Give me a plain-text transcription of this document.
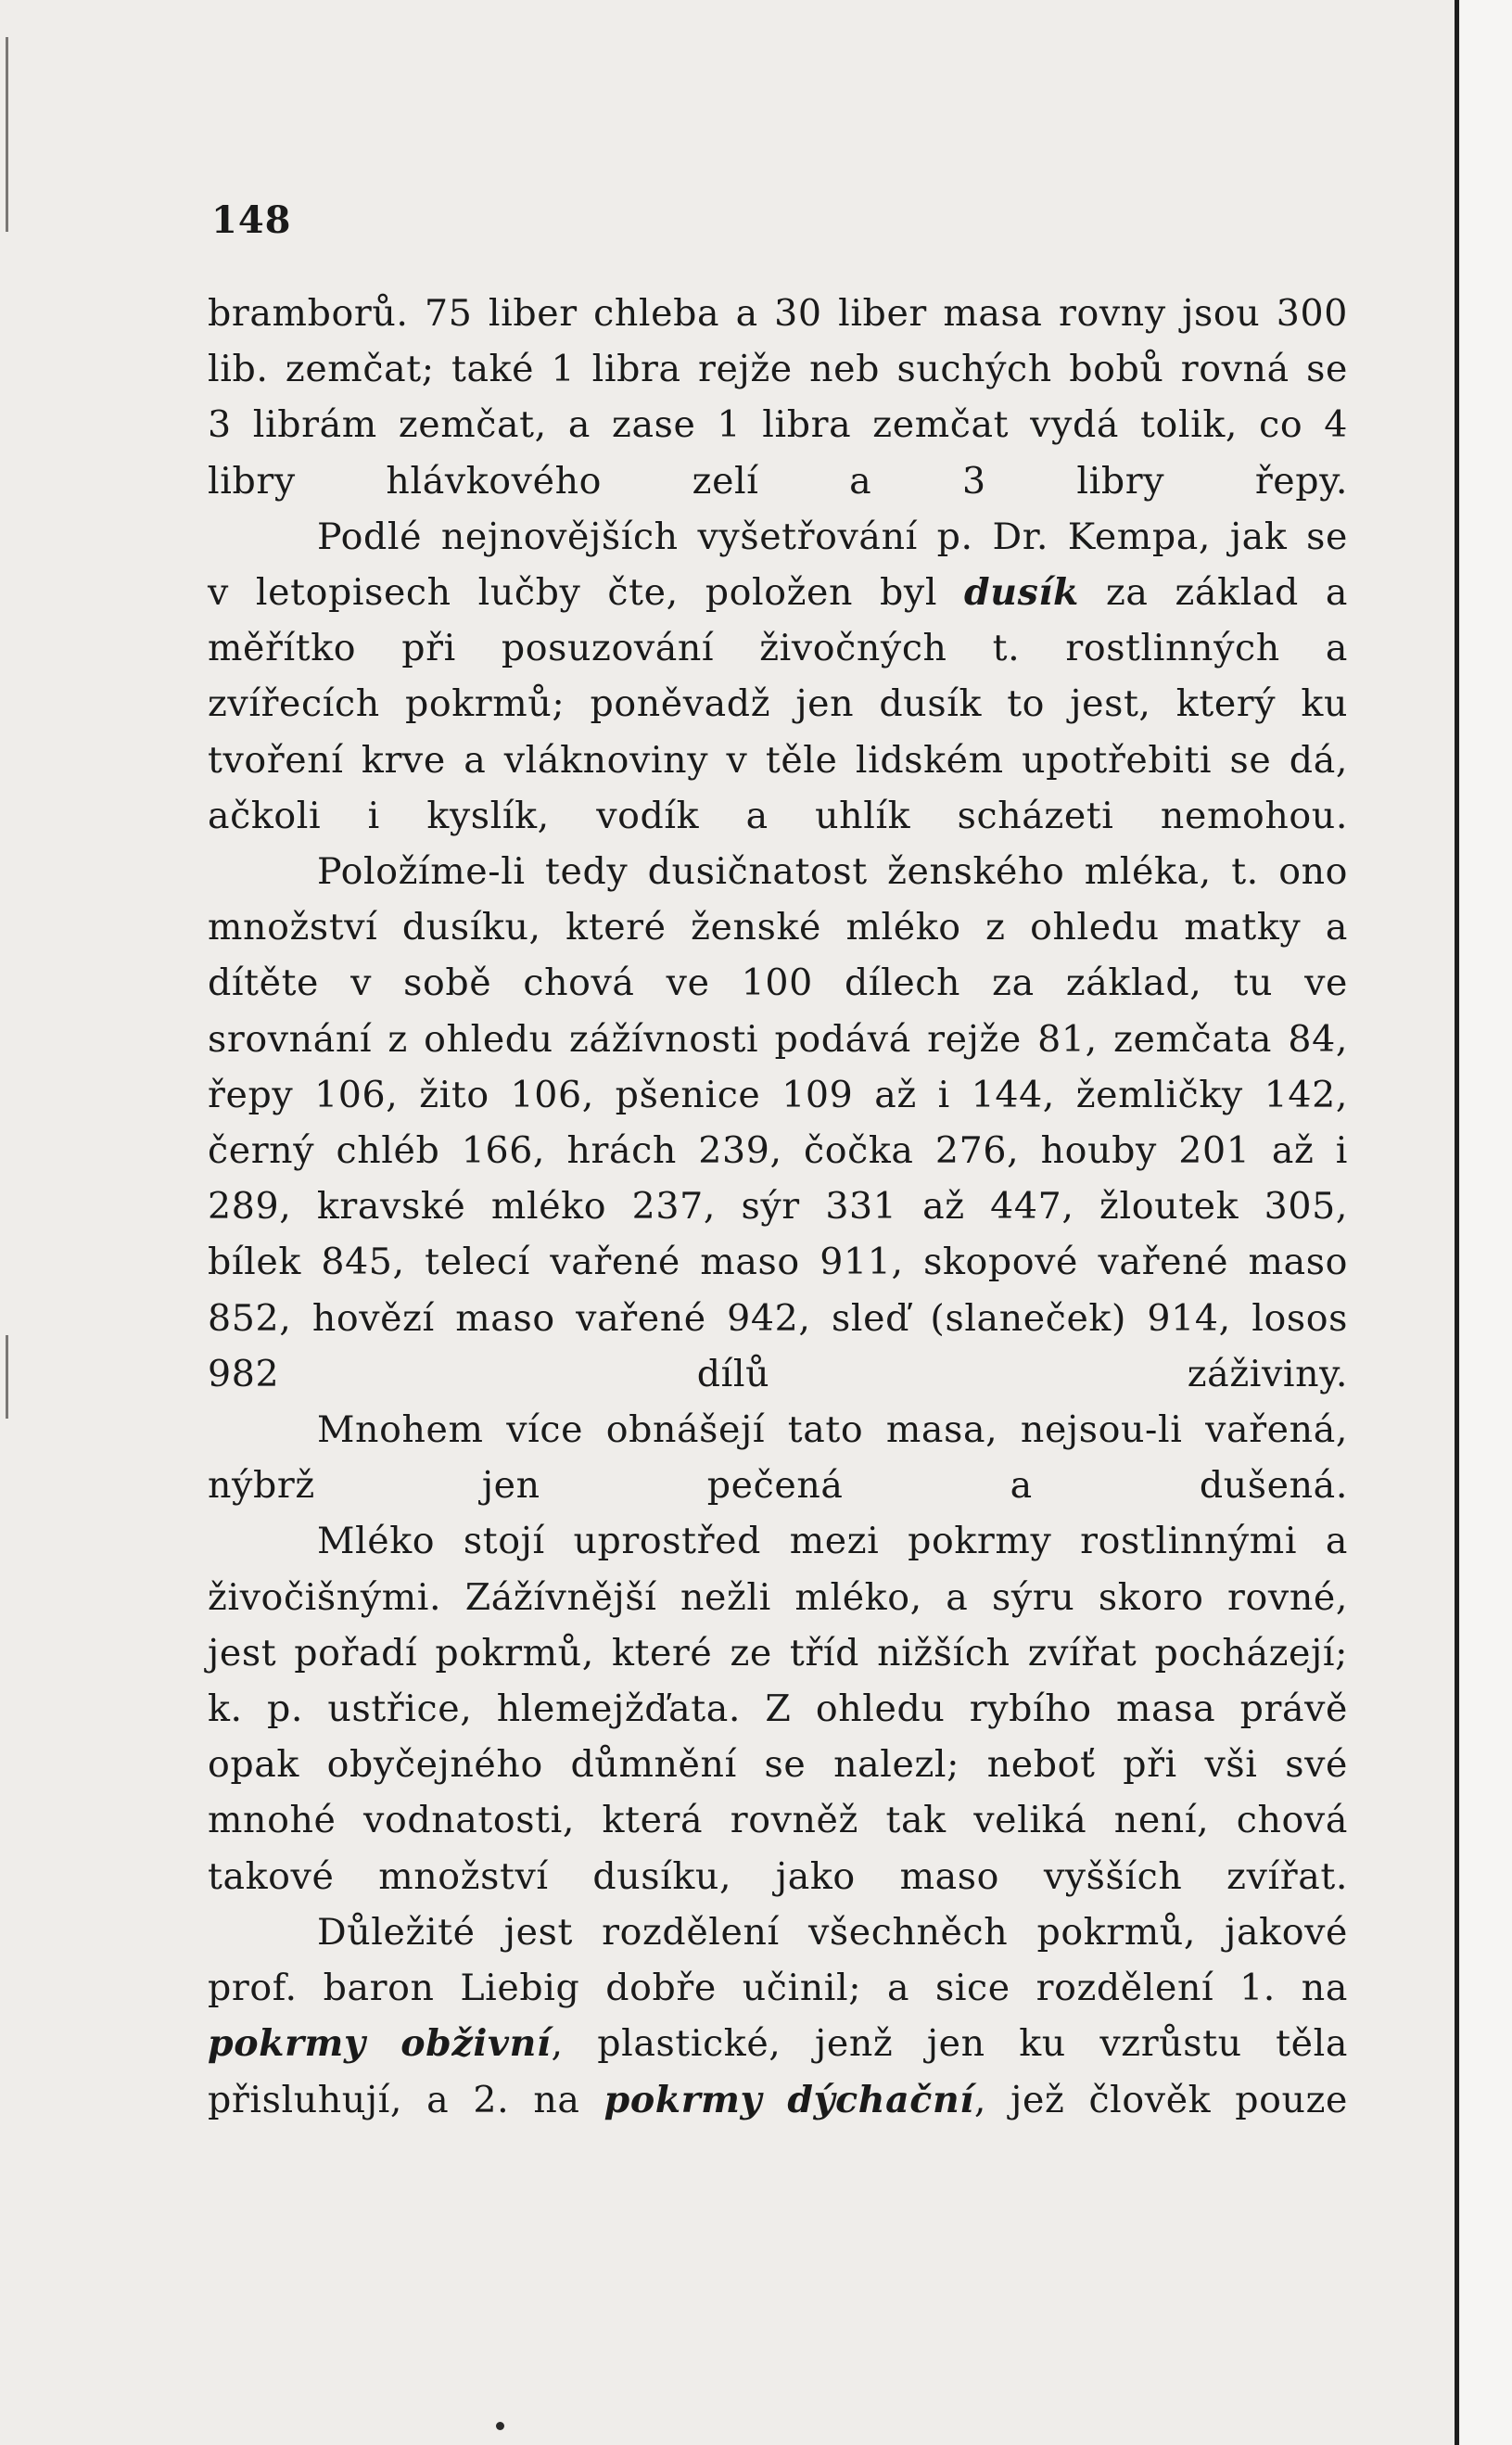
148

bramborů. 75 liber chleba a 30 liber masa rovny jsou 300 lib. zemčat; také 1 libra rejže neb suchých bobů rovná se 3 librám zemčat, a zase 1 libra zemčat vydá tolik, co 4 libry hlávkového zelí a 3 libry řepy.

Podlé nejnovějších vyšetřování p. Dr. Kempa, jak se v letopisech lučby čte, položen byl dusík za základ a měřítko při posuzování živočných t. rostlinných a zvířecích pokrmů; poněvadž jen dusík to jest, který ku tvoření krve a vláknoviny v těle lidském upotřebiti se dá, ačkoli i kyslík, vodík a uhlík scházeti nemohou.

Položíme-li tedy dusičnatost ženského mléka, t. ono množství dusíku, které ženské mléko z ohledu matky a dítěte v sobě chová ve 100 dílech za základ, tu ve srovnání z ohledu zážívnosti podává rejže 81, zemčata 84, řepy 106, žito 106, pšenice 109 až i 144, žemličky 142, černý chléb 166, hrách 239, čočka 276, houby 201 až i 289, kravské mléko 237, sýr 331 až 447, žloutek 305, bílek 845, telecí vařené maso 911, skopové vařené maso 852, hovězí maso vařené 942, sleď (slaneček) 914, losos 982 dílů záživiny.

Mnohem více obnášejí tato masa, nejsou-li vařená, nýbrž jen pečená a dušená.

Mléko stojí uprostřed mezi pokrmy rostlinnými a živočišnými. Zážívnější nežli mléko, a sýru skoro rovné, jest pořadí pokrmů, které ze tříd nižších zvířat pocházejí; k. p. ustřice, hlemejžďata. Z ohledu rybího masa právě opak obyčejného důmnění se nalezl; neboť při vši své mnohé vodnatosti, která rovněž tak veliká není, chová takové množství dusíku, jako maso vyšších zvířat.

Důležité jest rozdělení všechněch pokrmů, jakové prof. baron Liebig dobře učinil; a sice rozdělení 1. na pokrmy obživní, plastické, jenž jen ku vzrůstu těla přisluhují, a 2. na pokrmy dýchační, jež člověk pouze
